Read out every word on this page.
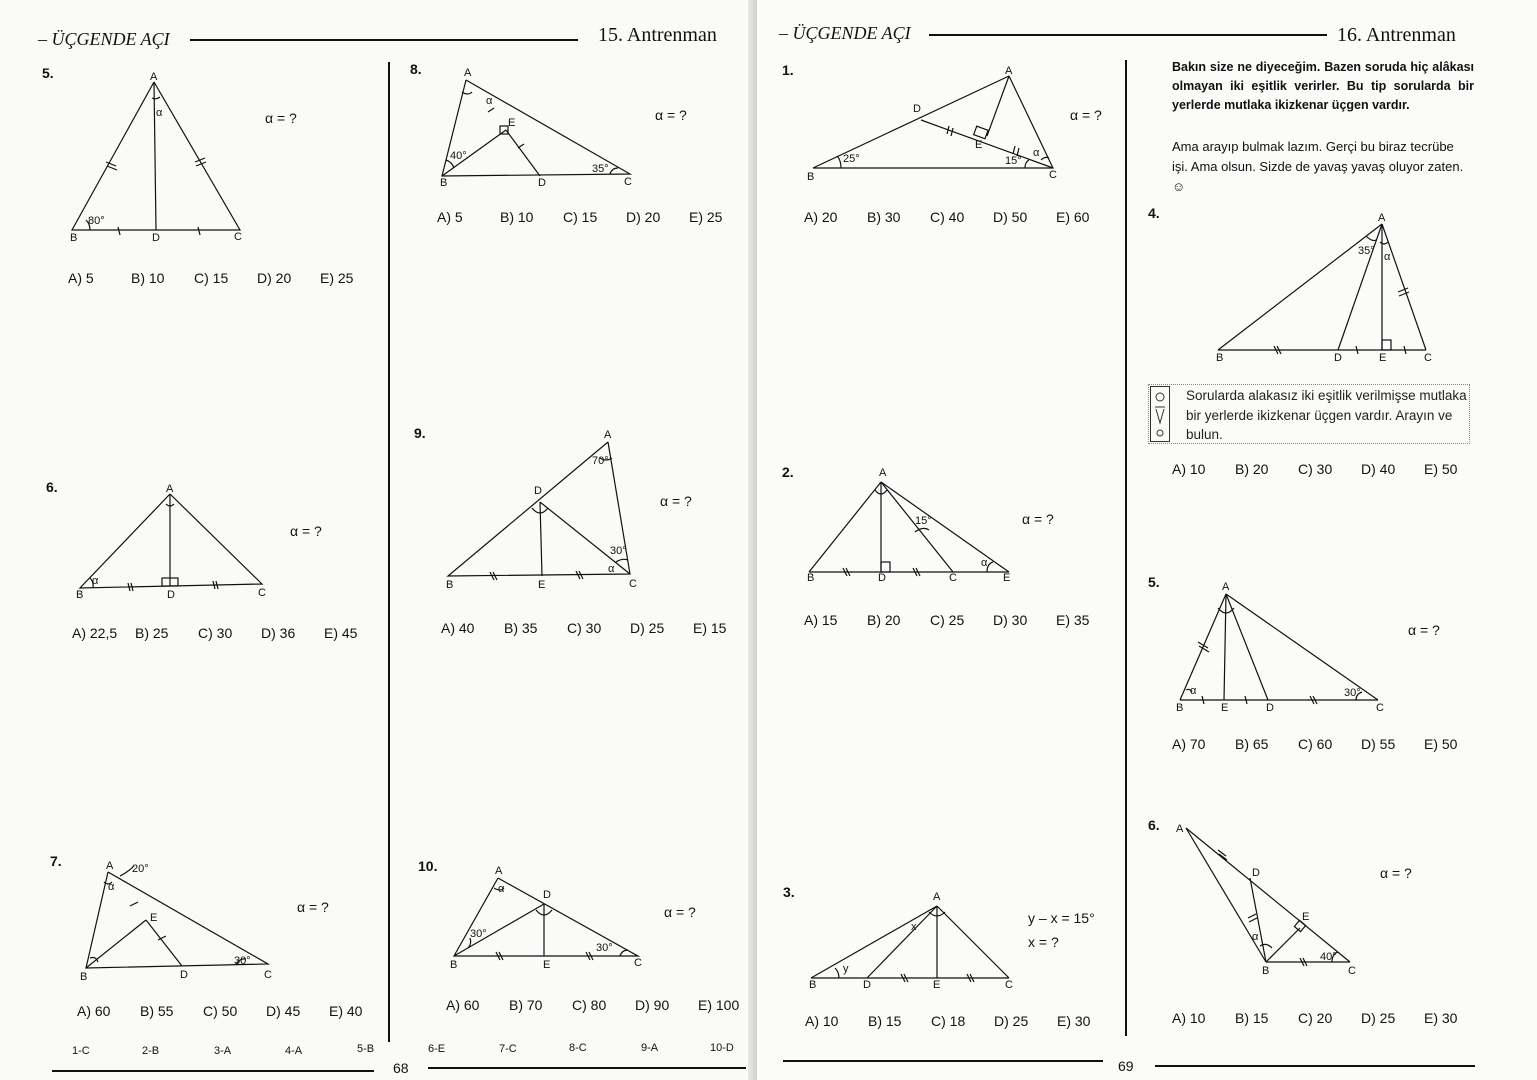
– ÜÇGENDE AÇI	15. Antrenman
5.	A
B	D	C
α
80°
α = ?
A) 5	B) 10 C) 15 D) 20 E) 25
6.	A
B	D	C
α
α = ?
A) 22,5 B) 25 C) 30 D) 36 E) 45
7.	A 20°
α
E
B	D	C
30°
α = ?
A) 60 B) 55 C) 50 D) 45 E) 40
8.	A
α
E
40°
B	D
35°
C
α = ?
A) 5	B) 10 C) 15 D) 20 E) 25
9.	A
70°
D
30°
α
B	E	C
α = ?
A) 40 B) 35 C) 30 D) 25 E) 15
10.	A
α	D
30°
30°
B	E	C
α = ?
A) 60 B) 70 C) 80 D) 90 E) 100
1-C	2-B	3-A	4-A	5-B	6-E	7-C	8-C	9-A	10-D
68
– ÜÇGENDE AÇI	16. Antrenman
Bakın size ne diyeceğim. Bazen soruda hiç alâkası olmayan iki eşitlik verirler. Bu tip sorularda bir yerlerde mutlaka ikizkenar üçgen vardır.
Ama arayıp bulmak lazım. Gerçi bu biraz tecrübe işi. Ama olsun. Sizde de yavaş yavaş oluyor zaten. ☺
1.	A
D
E
α
25°	15°
B	C
α = ?
A) 20 B) 30 C) 40 D) 50 E) 60
2.	A
15°
α
B	D	C	E
α = ?
A) 15 B) 20 C) 25 D) 30 E) 35
3.	A
x
y
B	D	E	C
y – x = 15°
x = ?
A) 10 B) 15 C) 18 D) 25 E) 30
4.	A
35° α
B	D	E	C
Sorularda alakasız iki eşitlik verilmişse mutlaka bir yerlerde ikizkenar üçgen vardır. Arayın ve bulun.
A) 10 B) 20 C) 30 D) 40 E) 50
5.	A
α	30°
B	E	D	C
α = ?
A) 70 B) 65 C) 60 D) 55 E) 50
6. A
D
E
α
40°
B	C
α = ?
A) 10 B) 15 C) 20 D) 25 E) 30
69
